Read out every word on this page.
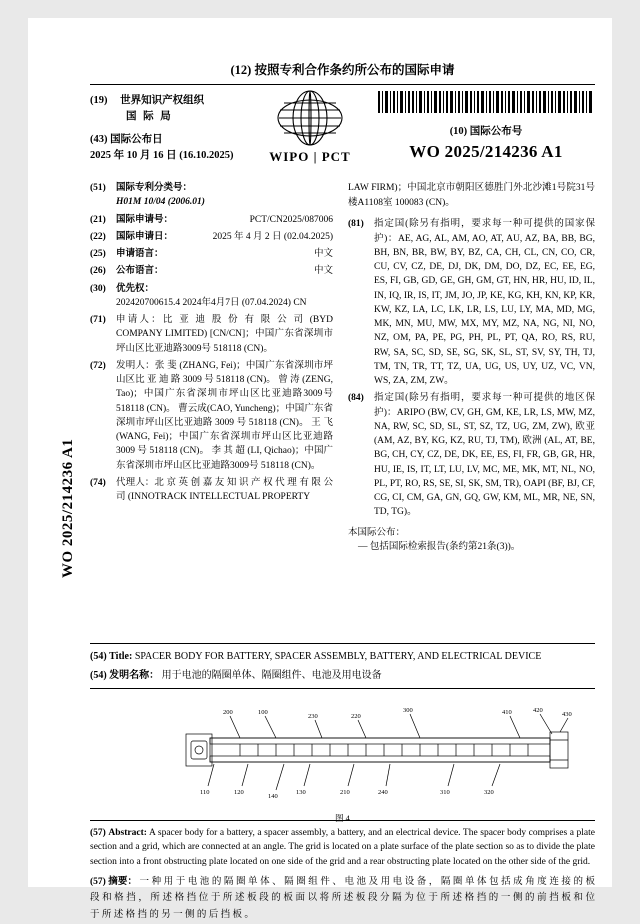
WO 2025/214236 A1
(12) 按照专利合作条约所公布的国际申请
(19) 世界知识产权组织
国 际 局
(43) 国际公布日
2025 年 10 月 16 日 (16.10.2025)	WIPO | PCT
(10) 国际公布号
WO 2025/214236 A1
(51)	国际专利分类号：
H01M 10/04 (2006.01)
(21)	国际申请号：	PCT/CN2025/087006
(22)	国际申请日：	2025 年 4 月 2 日 (02.04.2025)
(25)	申请语言：	中文
(26)	公布语言：	中文
(30)	优先权：
202420700615.4 2024年4月7日 (07.04.2024) CN
(71)	申请人：比 亚 迪 股 份 有 限 公 司 (BYD COMPANY LIMITED) [CN/CN]；中国广东省深圳市坪山区比亚迪路3009号 518118 (CN)。
(72)	发明人：张 斐 (ZHANG, Fei)；中国广东省深圳市坪山区比 亚 迪 路 3009 号 518118 (CN)。 曾 涛 (ZENG, Tao)；中国广东省深圳市坪山区比亚迪路3009号 518118 (CN)。 曹云成(CAO, Yuncheng)；中国广东省深圳市坪山区比亚迪路 3009 号 518118 (CN)。 王 飞(WANG, Fei)；中国广东省深圳市坪山区比亚迪路 3009 号 518118 (CN)。 李 其 超 (LI, Qichao)；中国广东省深圳市坪山区比亚迪路3009号 518118 (CN)。
(74)	代理人：北 京 英 创 嘉 友 知 识 产 权 代 理 有 限 公 司 (INNOTRACK INTELLECTUAL PROPERTY
LAW FIRM)；中国北京市朝阳区德胜门外北沙滩1号院31号楼A1108室 100083 (CN)。
(81)	指定国(除另有指明，要求每一种可提供的国家保护)：AE, AG, AL, AM, AO, AT, AU, AZ, BA, BB, BG, BH, BN, BR, BW, BY, BZ, CA, CH, CL, CN, CO, CR, CU, CV, CZ, DE, DJ, DK, DM, DO, DZ, EC, EE, EG, ES, FI, GB, GD, GE, GH, GM, GT, HN, HR, HU, ID, IL, IN, IQ, IR, IS, IT, JM, JO, JP, KE, KG, KH, KN, KP, KR, KW, KZ, LA, LC, LK, LR, LS, LU, LY, MA, MD, MG, MK, MN, MU, MW, MX, MY, MZ, NA, NG, NI, NO, NZ, OM, PA, PE, PG, PH, PL, PT, QA, RO, RS, RU, RW, SA, SC, SD, SE, SG, SK, SL, ST, SV, SY, TH, TJ, TM, TN, TR, TT, TZ, UA, UG, US, UY, UZ, VC, VN, WS, ZA, ZM, ZW。
(84)	指定国(除另有指明，要求每一种可提供的地区保护)：ARIPO (BW, CV, GH, GM, KE, LR, LS, MW, MZ, NA, RW, SC, SD, SL, ST, SZ, TZ, UG, ZM, ZW), 欧亚 (AM, AZ, BY, KG, KZ, RU, TJ, TM), 欧洲 (AL, AT, BE, BG, CH, CY, CZ, DE, DK, EE, ES, FI, FR, GB, GR, HR, HU, IE, IS, IT, LT, LU, LV, MC, ME, MK, MT, NL, NO, PL, PT, RO, RS, SE, SI, SK, SM, TR), OAPI (BF, BJ, CF, CG, CI, CM, GA, GN, GQ, GW, KM, ML, MR, NE, SN, TD, TG)。
本国际公布：
— 包括国际检索报告(条约第21条(3))。
(54) Title: SPACER BODY FOR BATTERY, SPACER ASSEMBLY, BATTERY, AND ELECTRICAL DEVICE
(54) 发明名称： 用于电池的隔圈单体、隔圈组件、电池及用电设备
200	100
230	220
300	410	420
430
110	120
140
130	210	240	310	320
图 4

(57) Abstract: A spacer body for a battery, a spacer assembly, a battery, and an electrical device. The spacer body comprises a plate section and a grid, which are connected at an angle. The grid is located on a plate surface of the plate section so as to divide the plate section into a front obstructing plate located on one side of the grid and a rear obstructing plate located on the other side of the grid.

(57) 摘要： 一 种 用 于 电 池 的 隔 圈 单 体 、 隔 圈 组 件 、 电 池 及 用 电 设 备 ， 隔 圈 单 体 包 括 成 角 度 连 接 的 板 段 和 格 挡 ， 所 述 格 挡 位 于 所 述 板 段 的 板 面 以 将 所 述 板 段 分 隔 为 位 于 所 述 格 挡 的 一 侧 的 前 挡 板 和 位 于 所 述 格 挡 的 另 一 侧 的 后 挡 板 。
